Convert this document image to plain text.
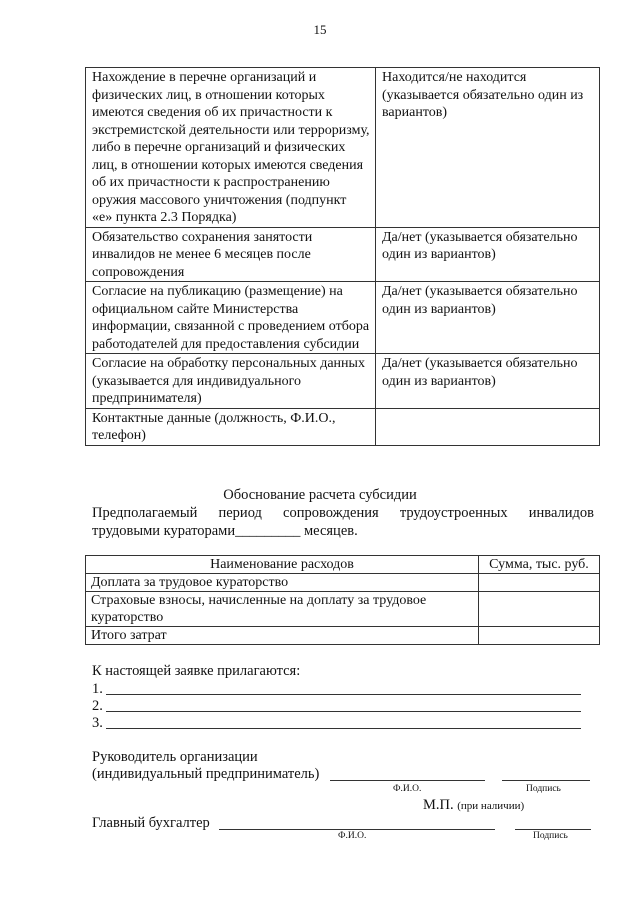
15
Нахождение в перечне организаций и физических лиц, в отношении которых имеются сведения об их причастности к экстремистской деятельности или терроризму, либо в перечне организаций и физических лиц, в отношении которых имеются сведения об их причастности к распространению оружия массового уничтожения (подпункт «е» пункта 2.3 Порядка)	Находится/не находится (указывается обязательно один из вариантов)
Обязательство сохранения занятости инвалидов не менее 6 месяцев после сопровождения	Да/нет (указывается обязательно один из вариантов)
Согласие на публикацию (размещение) на официальном сайте Министерства информации, связанной с проведением отбора работодателей для предоставления субсидии	Да/нет (указывается обязательно один из вариантов)
Согласие на обработку персональных данных (указывается для индивидуального предпринимателя)	Да/нет (указывается обязательно один из вариантов)
Контактные данные (должность, Ф.И.О., телефон)	
Обоснование расчета субсидии
Предполагаемый период сопровождения трудоустроенных инвалидов
трудовыми кураторами_________ месяцев.
Наименование расходов	Сумма, тыс. руб.
Доплата за трудовое кураторство	
Страховые взносы, начисленные на доплату за трудовое кураторство	
Итого затрат	
К настоящей заявке прилагаются:
1.
2.
3.
Руководитель организации
(индивидуальный предприниматель)
Ф.И.О.	Подпись
М.П. (при наличии)
Главный бухгалтер
Ф.И.О.	Подпись
